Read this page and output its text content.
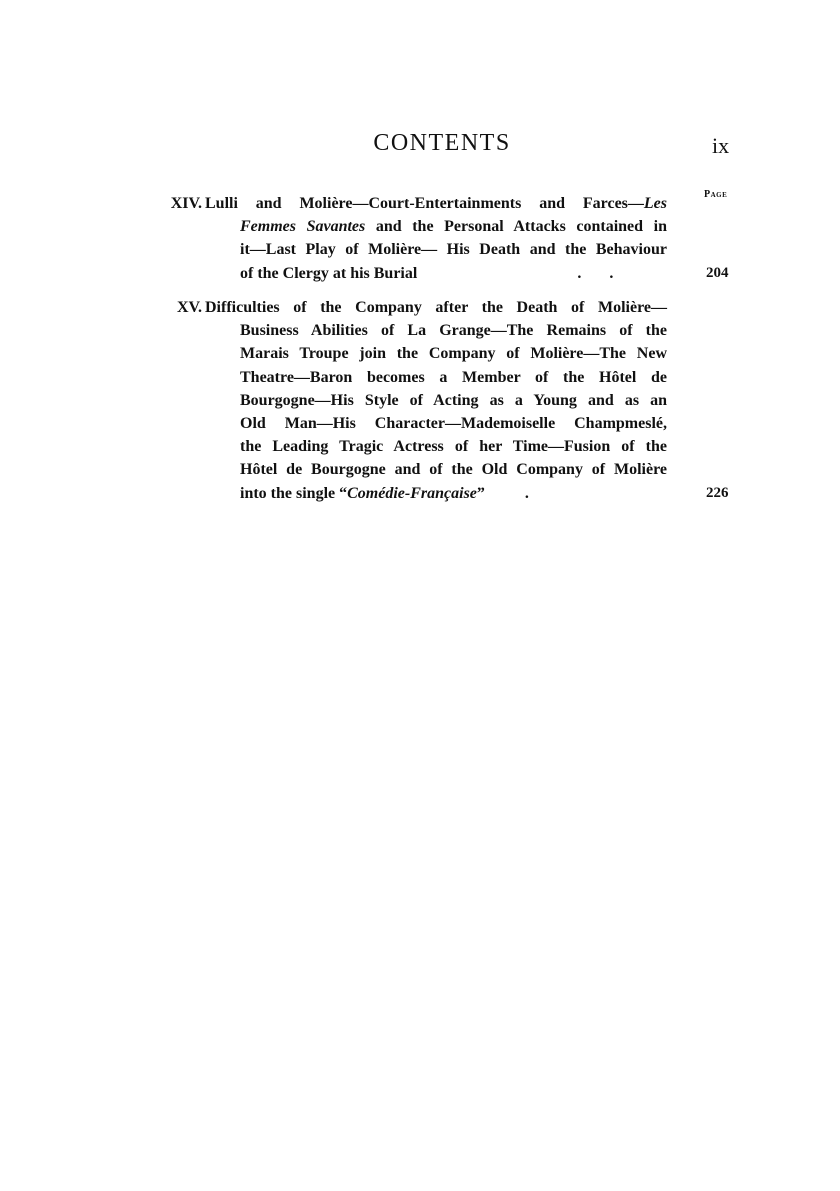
CONTENTS	ix
Page
XIV. Lulli and Molière—Court-Entertainments and Farces—Les
Femmes Savantes and the Personal Attacks contained in
it—Last Play of Molière— His Death and the Behaviour
of the Clergy at his Burial	. .	204
XV. Difficulties of the Company after the Death of Molière—
Business Abilities of La Grange—The Remains of the
Marais Troupe join the Company of Molière—The New
Theatre—Baron becomes a Member of the Hôtel de
Bourgogne—His Style of Acting as a Young and as an
Old Man—His Character—Mademoiselle Champmeslé,
the Leading Tragic Actress of her Time—Fusion of the
Hôtel de Bourgogne and of the Old Company of Molière
into the single “Comédie-Française”	.	226
